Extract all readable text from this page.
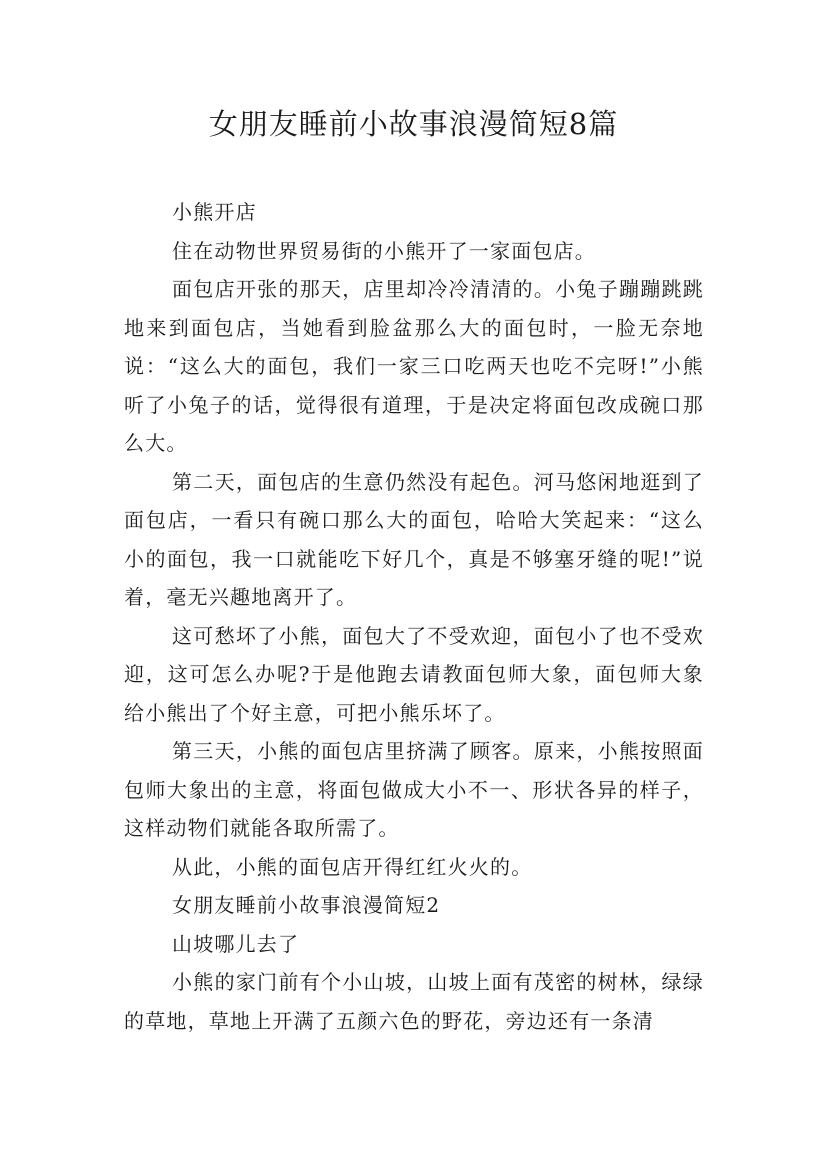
女朋友睡前小故事浪漫简短8篇

小熊开店

住在动物世界贸易街的小熊开了一家面包店。

面包店开张的那天，店里却冷冷清清的。小兔子蹦蹦跳跳地来到面包店，当她看到脸盆那么大的面包时，一脸无奈地说：“这么大的面包，我们一家三口吃两天也吃不完呀!”小熊听了小兔子的话，觉得很有道理，于是决定将面包改成碗口那么大。

第二天，面包店的生意仍然没有起色。河马悠闲地逛到了面包店，一看只有碗口那么大的面包，哈哈大笑起来：“这么小的面包，我一口就能吃下好几个，真是不够塞牙缝的呢!”说着，毫无兴趣地离开了。

这可愁坏了小熊，面包大了不受欢迎，面包小了也不受欢迎，这可怎么办呢?于是他跑去请教面包师大象，面包师大象给小熊出了个好主意，可把小熊乐坏了。

第三天，小熊的面包店里挤满了顾客。原来，小熊按照面包师大象出的主意，将面包做成大小不一、形状各异的样子，这样动物们就能各取所需了。

从此，小熊的面包店开得红红火火的。

女朋友睡前小故事浪漫简短2

山坡哪儿去了

小熊的家门前有个小山坡，山坡上面有茂密的树林，绿绿的草地，草地上开满了五颜六色的野花，旁边还有一条清
